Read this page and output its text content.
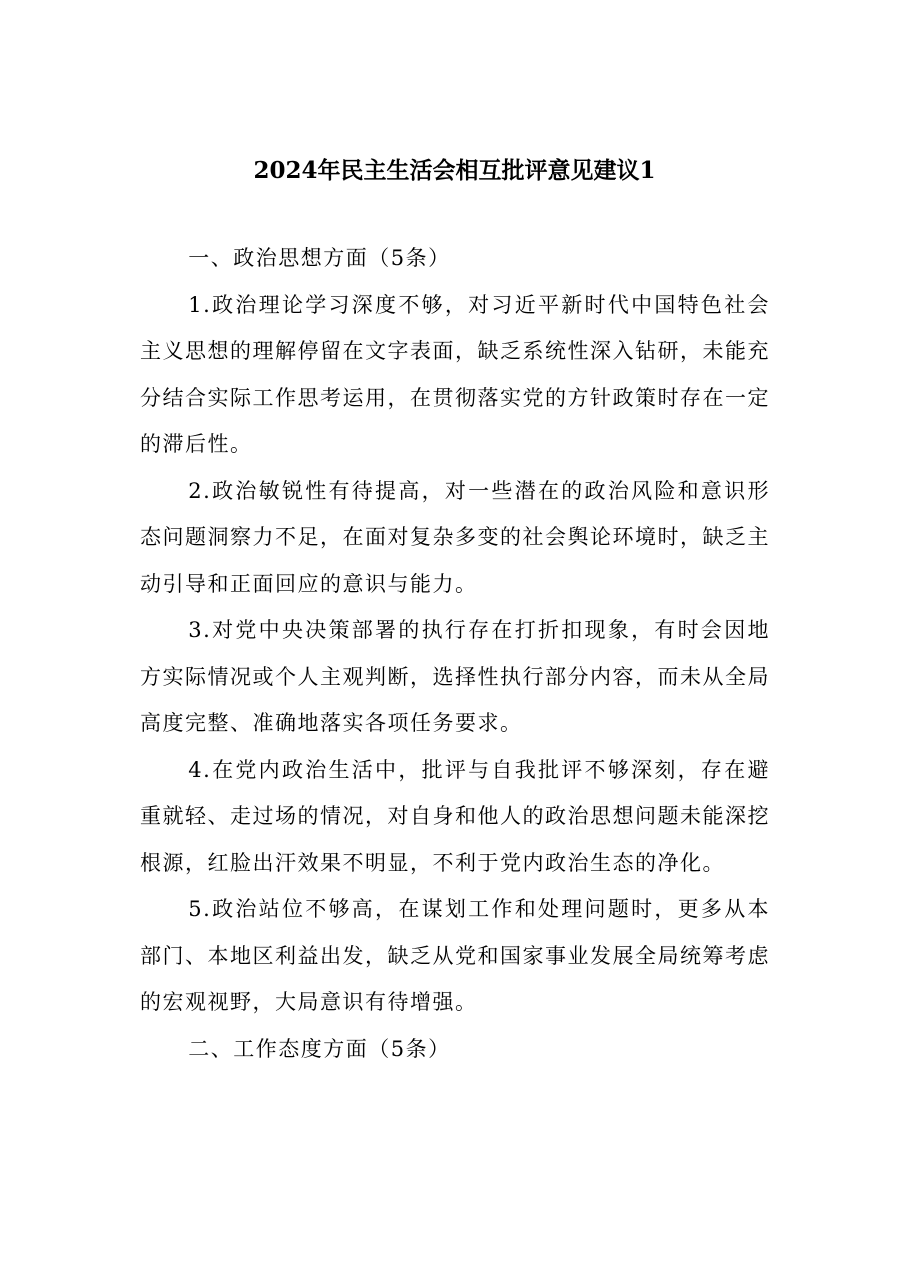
2024年民主生活会相互批评意见建议1

一、政治思想方面（5条）

1.政治理论学习深度不够，对习近平新时代中国特色社会主义思想的理解停留在文字表面，缺乏系统性深入钻研，未能充分结合实际工作思考运用，在贯彻落实党的方针政策时存在一定的滞后性。

2.政治敏锐性有待提高，对一些潜在的政治风险和意识形态问题洞察力不足，在面对复杂多变的社会舆论环境时，缺乏主动引导和正面回应的意识与能力。

3.对党中央决策部署的执行存在打折扣现象，有时会因地方实际情况或个人主观判断，选择性执行部分内容，而未从全局高度完整、准确地落实各项任务要求。

4.在党内政治生活中，批评与自我批评不够深刻，存在避重就轻、走过场的情况，对自身和他人的政治思想问题未能深挖根源，红脸出汗效果不明显，不利于党内政治生态的净化。

5.政治站位不够高，在谋划工作和处理问题时，更多从本部门、本地区利益出发，缺乏从党和国家事业发展全局统筹考虑的宏观视野，大局意识有待增强。

二、工作态度方面（5条）
